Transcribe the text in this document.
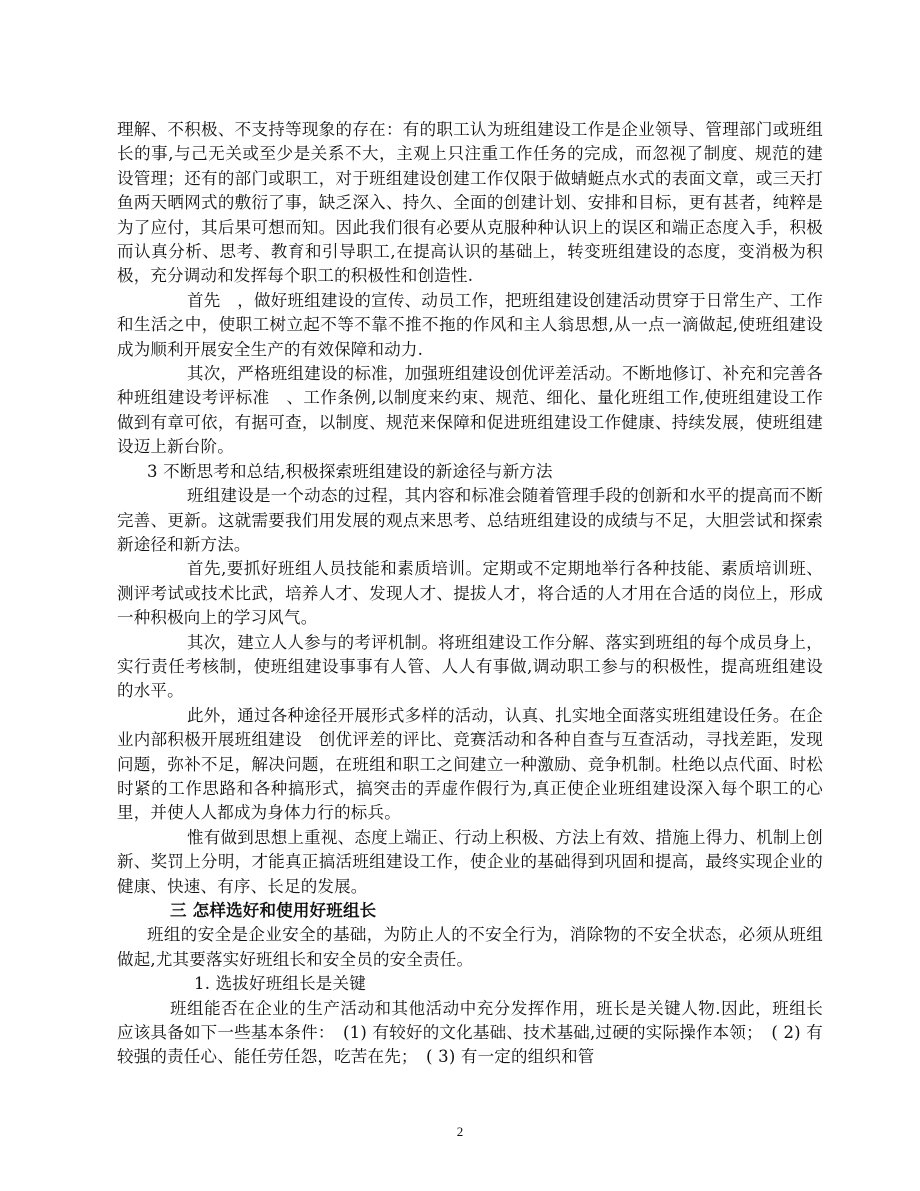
理解、不积极、不支持等现象的存在：有的职工认为班组建设工作是企业领导、管理部门或班组长的事,与己无关或至少是关系不大，主观上只注重工作任务的完成，而忽视了制度、规范的建设管理；还有的部门或职工，对于班组建设创建工作仅限于做蜻蜓点水式的表面文章，或三天打鱼两天晒网式的敷衍了事，缺乏深入、持久、全面的创建计划、安排和目标，更有甚者，纯粹是为了应付，其后果可想而知。因此我们很有必要从克服种种认识上的误区和端正态度入手，积极而认真分析、思考、教育和引导职工,在提高认识的基础上，转变班组建设的态度，变消极为积极，充分调动和发挥每个职工的积极性和创造性.

首先　，做好班组建设的宣传、动员工作，把班组建设创建活动贯穿于日常生产、工作和生活之中，使职工树立起不等不靠不推不拖的作风和主人翁思想,从一点一滴做起,使班组建设成为顺利开展安全生产的有效保障和动力.

其次，严格班组建设的标准，加强班组建设创优评差活动。不断地修订、补充和完善各种班组建设考评标准　、工作条例,以制度来约束、规范、细化、量化班组工作,使班组建设工作做到有章可依，有据可查，以制度、规范来保障和促进班组建设工作健康、持续发展，使班组建设迈上新台阶。

3 不断思考和总结,积极探索班组建设的新途径与新方法

班组建设是一个动态的过程，其内容和标准会随着管理手段的创新和水平的提高而不断完善、更新。这就需要我们用发展的观点来思考、总结班组建设的成绩与不足，大胆尝试和探索新途径和新方法。

首先,要抓好班组人员技能和素质培训。定期或不定期地举行各种技能、素质培训班、测评考试或技术比武，培养人才、发现人才、提拔人才，将合适的人才用在合适的岗位上，形成一种积极向上的学习风气。

其次，建立人人参与的考评机制。将班组建设工作分解、落实到班组的每个成员身上，实行责任考核制，使班组建设事事有人管、人人有事做,调动职工参与的积极性，提高班组建设的水平。

此外，通过各种途径开展形式多样的活动，认真、扎实地全面落实班组建设任务。在企业内部积极开展班组建设　创优评差的评比、竞赛活动和各种自查与互查活动，寻找差距，发现问题，弥补不足，解决问题，在班组和职工之间建立一种激励、竞争机制。杜绝以点代面、时松时紧的工作思路和各种搞形式，搞突击的弄虚作假行为,真正使企业班组建设深入每个职工的心里，并使人人都成为身体力行的标兵。

惟有做到思想上重视、态度上端正、行动上积极、方法上有效、措施上得力、机制上创新、奖罚上分明，才能真正搞活班组建设工作，使企业的基础得到巩固和提高，最终实现企业的健康、快速、有序、长足的发展。

三 怎样选好和使用好班组长

班组的安全是企业安全的基础，为防止人的不安全行为，消除物的不安全状态，必须从班组做起,尤其要落实好班组长和安全员的安全责任。

1. 选拔好班组长是关键

班组能否在企业的生产活动和其他活动中充分发挥作用，班长是关键人物.因此，班组长应该具备如下一些基本条件：　(1) 有较好的文化基础、技术基础,过硬的实际操作本领；　( 2) 有较强的责任心、能任劳任怨，吃苦在先；　( 3) 有一定的组织和管

2
